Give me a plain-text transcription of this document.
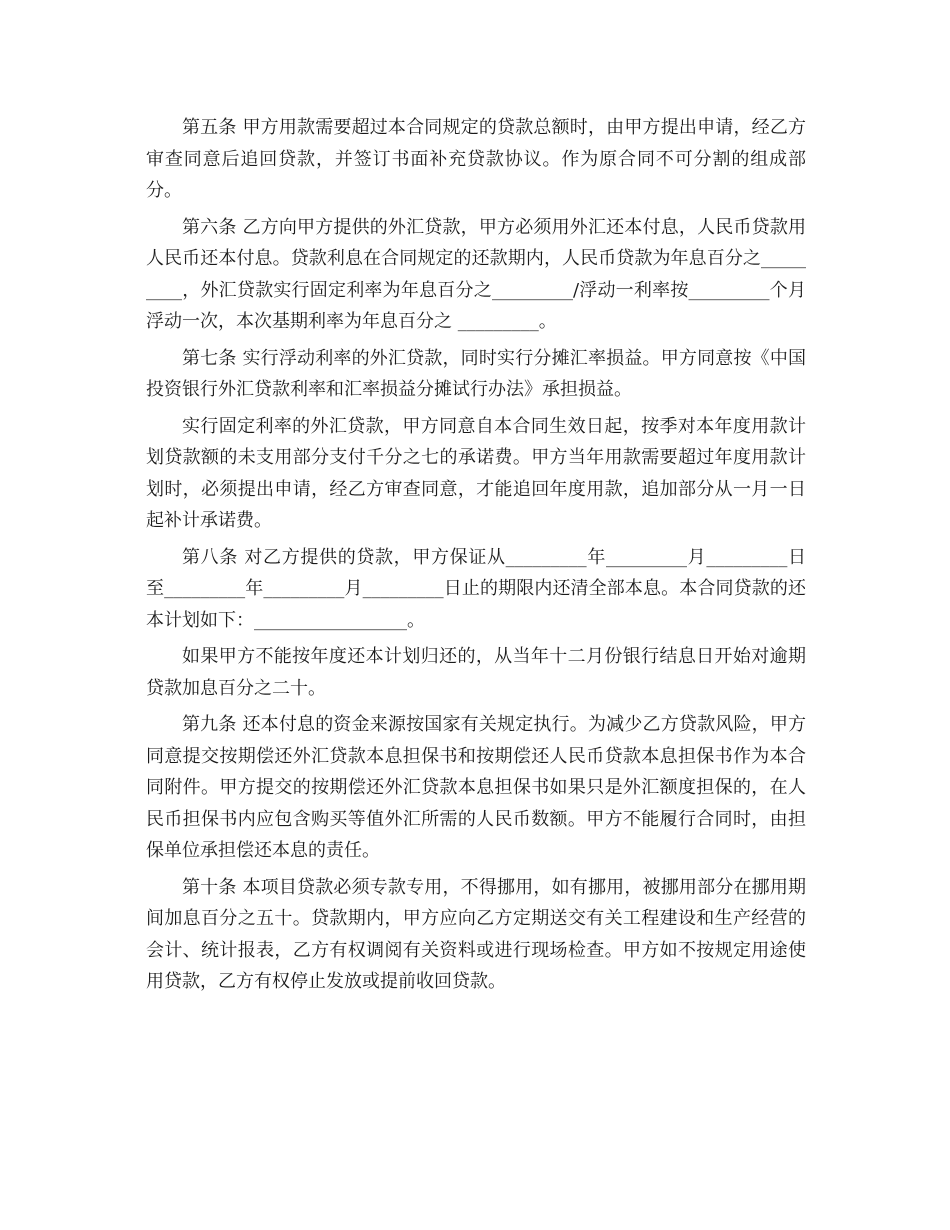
第五条 甲方用款需要超过本合同规定的贷款总额时，由甲方提出申请，经乙方审查同意后追回贷款，并签订书面补充贷款协议。作为原合同不可分割的组成部分。

第六条 乙方向甲方提供的外汇贷款，甲方必须用外汇还本付息，人民币贷款用人民币还本付息。贷款利息在合同规定的还款期内，人民币贷款为年息百分之_________，外汇贷款实行固定利率为年息百分之_________/浮动一利率按_________个月浮动一次，本次基期利率为年息百分之 _________。

第七条 实行浮动利率的外汇贷款，同时实行分摊汇率损益。甲方同意按《中国投资银行外汇贷款利率和汇率损益分摊试行办法》承担损益。

实行固定利率的外汇贷款，甲方同意自本合同生效日起，按季对本年度用款计划贷款额的未支用部分支付千分之七的承诺费。甲方当年用款需要超过年度用款计划时，必须提出申请，经乙方审查同意，才能追回年度用款，追加部分从一月一日起补计承诺费。

第八条 对乙方提供的贷款，甲方保证从_________年_________月_________日至_________年_________月_________日止的期限内还清全部本息。本合同贷款的还本计划如下：_________________。

如果甲方不能按年度还本计划归还的，从当年十二月份银行结息日开始对逾期贷款加息百分之二十。

第九条 还本付息的资金来源按国家有关规定执行。为减少乙方贷款风险，甲方同意提交按期偿还外汇贷款本息担保书和按期偿还人民币贷款本息担保书作为本合同附件。甲方提交的按期偿还外汇贷款本息担保书如果只是外汇额度担保的，在人民币担保书内应包含购买等值外汇所需的人民币数额。甲方不能履行合同时，由担保单位承担偿还本息的责任。

第十条 本项目贷款必须专款专用，不得挪用，如有挪用，被挪用部分在挪用期间加息百分之五十。贷款期内，甲方应向乙方定期送交有关工程建设和生产经营的会计、统计报表，乙方有权调阅有关资料或进行现场检查。甲方如不按规定用途使用贷款，乙方有权停止发放或提前收回贷款。
